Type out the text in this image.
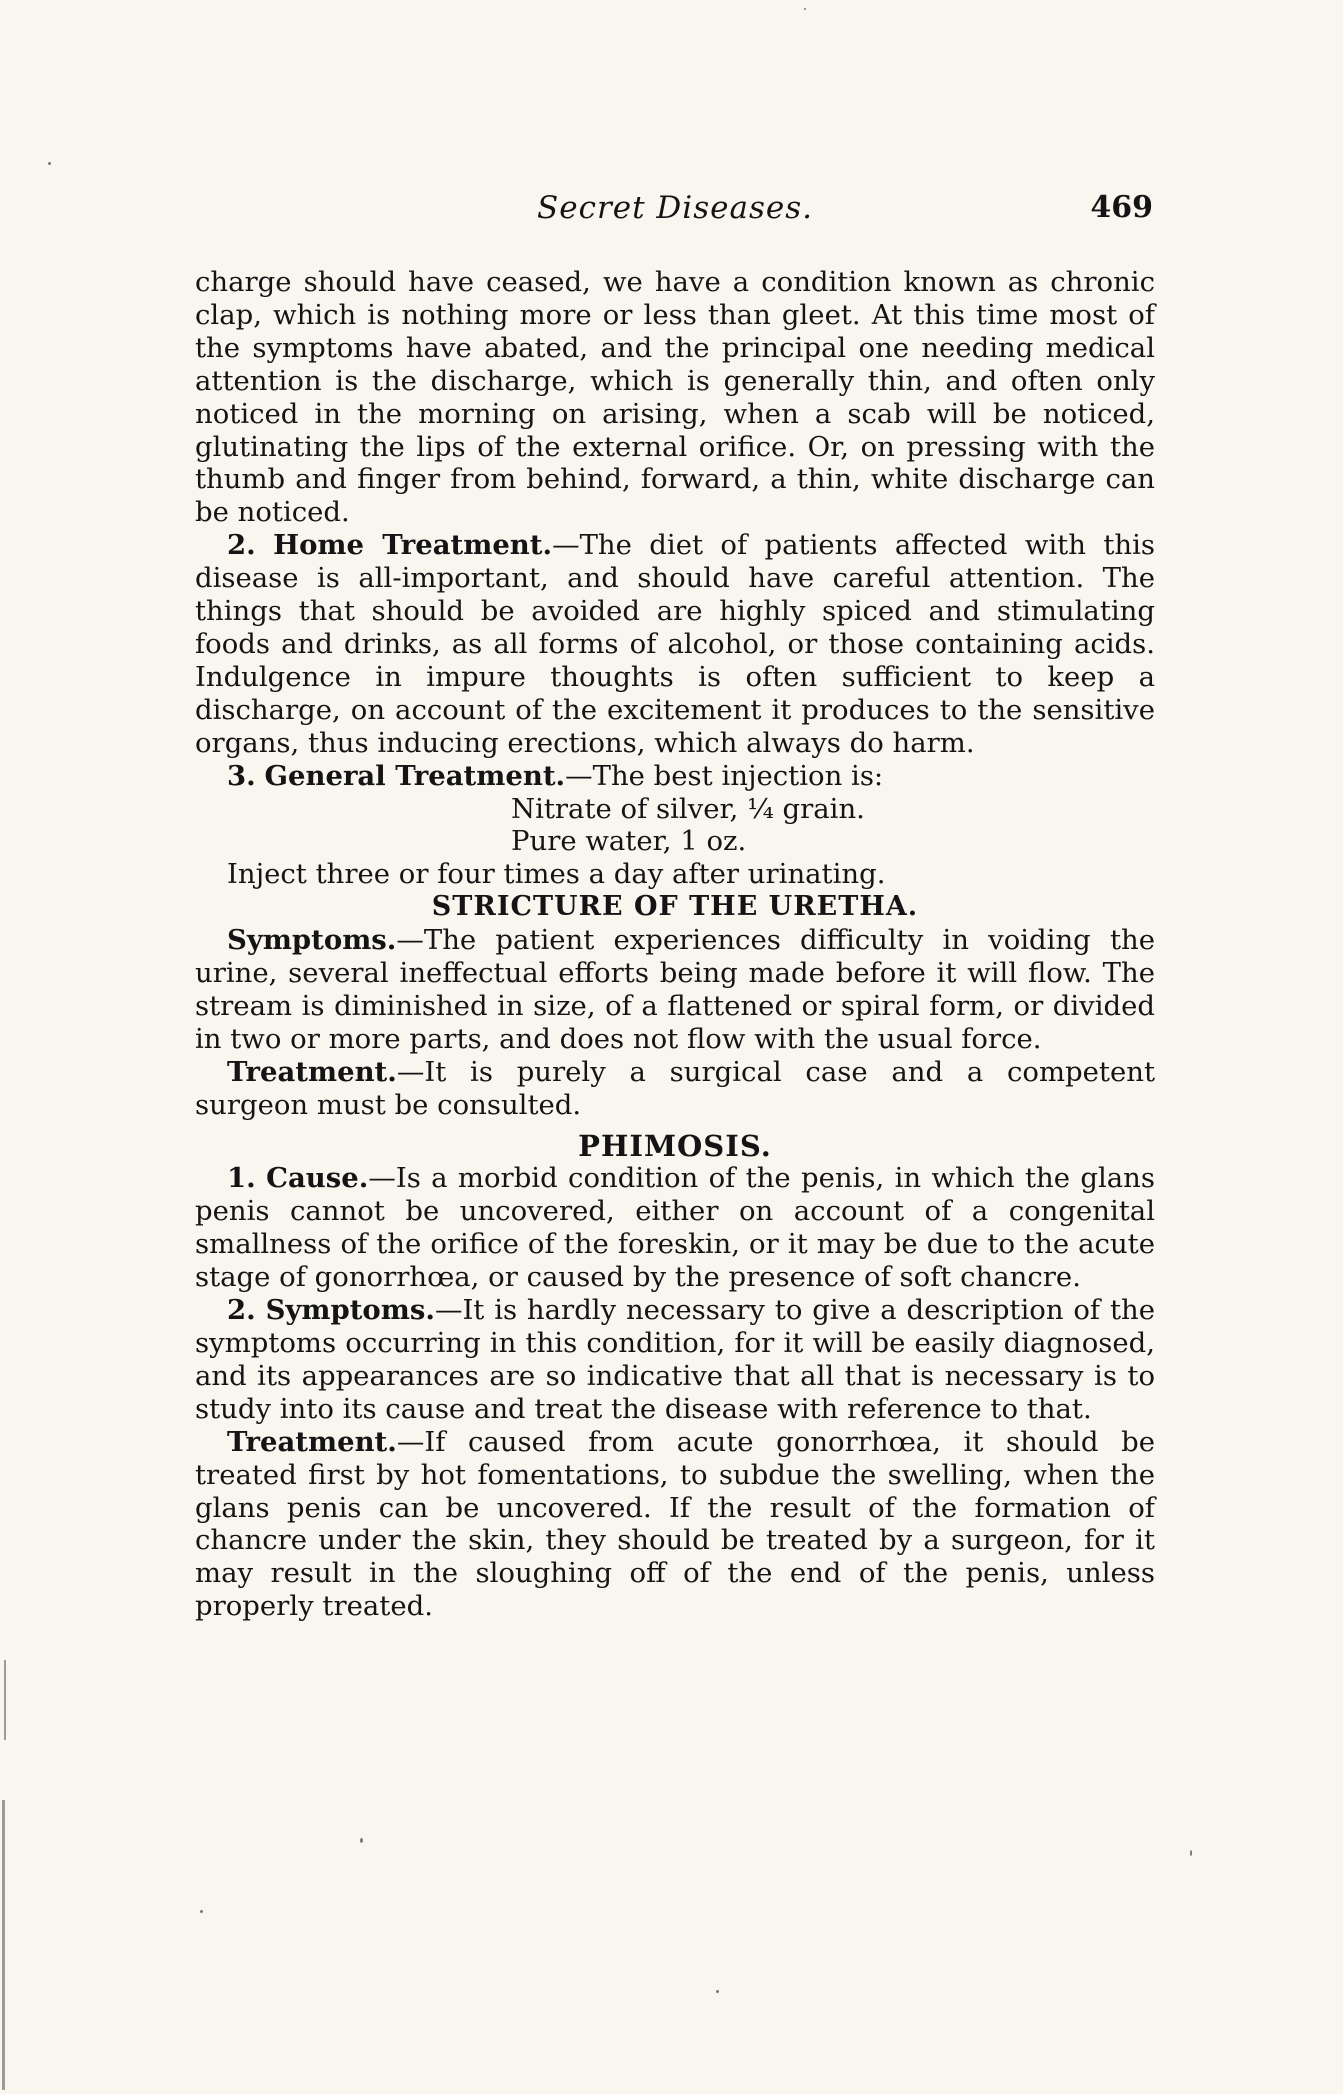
Secret Diseases.	469

charge should have ceased, we have a condition known as chronic clap, which is nothing more or less than gleet. At this time most of the symptoms have abated, and the principal one needing medical attention is the discharge, which is generally thin, and often only noticed in the morning on arising, when a scab will be noticed, glutinating the lips of the external orifice. Or, on pressing with the thumb and finger from behind, forward, a thin, white discharge can be noticed.

2. Home Treatment.—The diet of patients affected with this disease is all-important, and should have careful attention. The things that should be avoided are highly spiced and stimulating foods and drinks, as all forms of alcohol, or those containing acids. Indulgence in impure thoughts is often sufficient to keep a discharge, on account of the excitement it produces to the sensitive organs, thus inducing erections, which always do harm.

3. General Treatment.—The best injection is:

Nitrate of silver, ¼ grain.

Pure water, 1 oz.

Inject three or four times a day after urinating.

STRICTURE OF THE URETHA.

Symptoms.—The patient experiences difficulty in voiding the urine, several ineffectual efforts being made before it will flow. The stream is diminished in size, of a flattened or spiral form, or divided in two or more parts, and does not flow with the usual force.

Treatment.—It is purely a surgical case and a competent surgeon must be consulted.

PHIMOSIS.

1. Cause.—Is a morbid condition of the penis, in which the glans penis cannot be uncovered, either on account of a congenital smallness of the orifice of the foreskin, or it may be due to the acute stage of gonorrhœa, or caused by the presence of soft chancre.

2. Symptoms.—It is hardly necessary to give a description of the symptoms occurring in this condition, for it will be easily diagnosed, and its appearances are so indicative that all that is necessary is to study into its cause and treat the disease with reference to that.

Treatment.—If caused from acute gonorrhœa, it should be treated first by hot fomentations, to subdue the swelling, when the glans penis can be uncovered. If the result of the formation of chancre under the skin, they should be treated by a surgeon, for it may result in the sloughing off of the end of the penis, unless properly treated.
